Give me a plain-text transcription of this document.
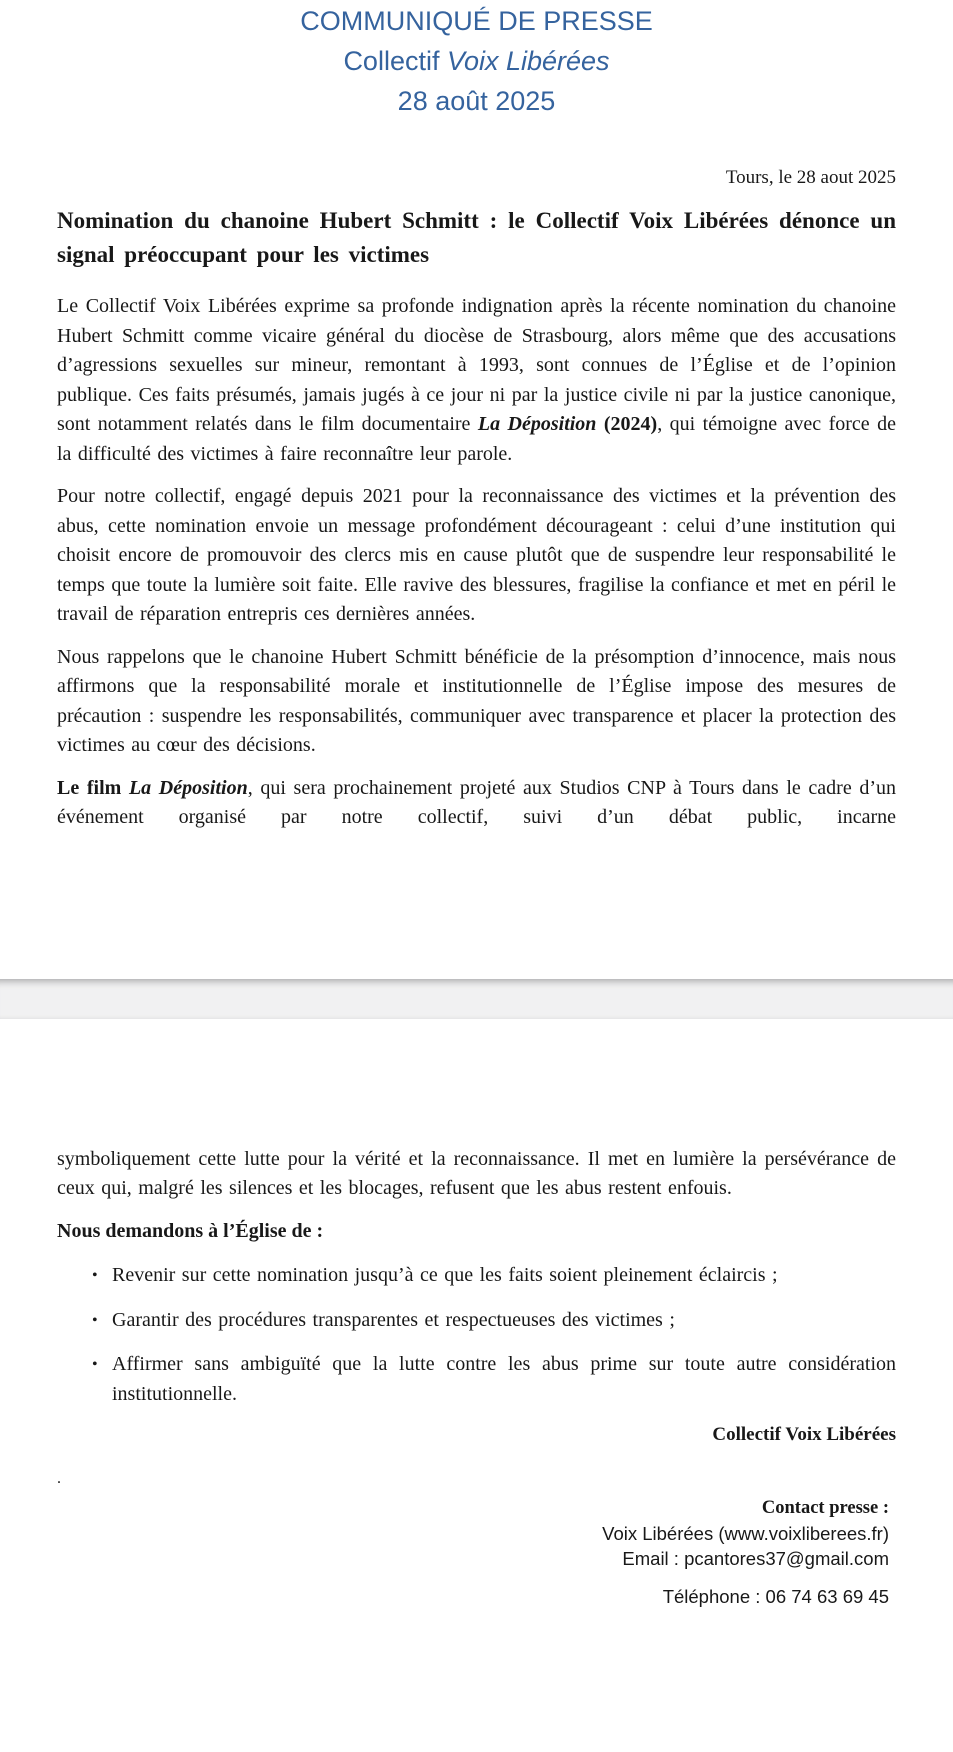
COMMUNIQUÉ DE PRESSE
Collectif Voix Libérées
28 août 2025
Tours, le 28 aout 2025
Nomination du chanoine Hubert Schmitt : le Collectif Voix Libérées dénonce un signal préoccupant pour les victimes

Le Collectif Voix Libérées exprime sa profonde indignation après la récente nomination du chanoine Hubert Schmitt comme vicaire général du diocèse de Strasbourg, alors même que des accusations d’agressions sexuelles sur mineur, remontant à 1993, sont connues de l’Église et de l’opinion publique. Ces faits présumés, jamais jugés à ce jour ni par la justice civile ni par la justice canonique, sont notamment relatés dans le film documentaire La Déposition (2024), qui témoigne avec force de la difficulté des victimes à faire reconnaître leur parole.

Pour notre collectif, engagé depuis 2021 pour la reconnaissance des victimes et la prévention des abus, cette nomination envoie un message profondément décourageant : celui d’une institution qui choisit encore de promouvoir des clercs mis en cause plutôt que de suspendre leur responsabilité le temps que toute la lumière soit faite. Elle ravive des blessures, fragilise la confiance et met en péril le travail de réparation entrepris ces dernières années.

Nous rappelons que le chanoine Hubert Schmitt bénéficie de la présomption d’innocence, mais nous affirmons que la responsabilité morale et institutionnelle de l’Église impose des mesures de précaution : suspendre les responsabilités, communiquer avec transparence et placer la protection des victimes au cœur des décisions.

Le film La Déposition, qui sera prochainement projeté aux Studios CNP à Tours dans le cadre d’un événement organisé par notre collectif, suivi d’un débat public, incarne

symboliquement cette lutte pour la vérité et la reconnaissance. Il met en lumière la persévérance de ceux qui, malgré les silences et les blocages, refusent que les abus restent enfouis.

Nous demandons à l’Église de :
• Revenir sur cette nomination jusqu’à ce que les faits soient pleinement éclaircis ;
• Garantir des procédures transparentes et respectueuses des victimes ;
• Affirmer sans ambiguïté que la lutte contre les abus prime sur toute autre considération institutionnelle.
Collectif Voix Libérées
.
Contact presse :
Voix Libérées (www.voixliberees.fr)
Email : pcantores37@gmail.com
Téléphone : 06 74 63 69 45
